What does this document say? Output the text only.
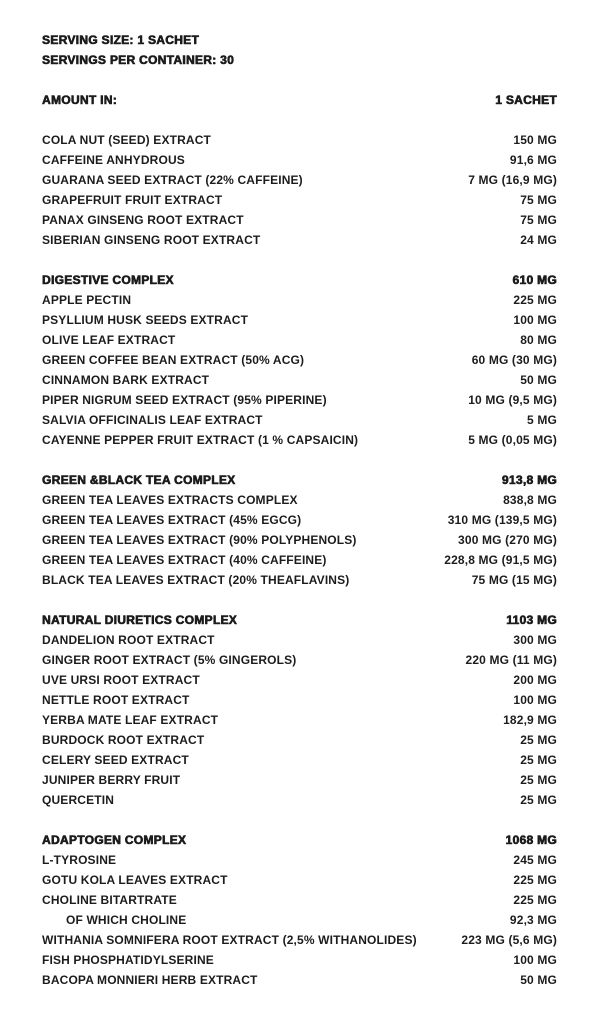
SERVING SIZE: 1 SACHET
SERVINGS PER CONTAINER: 30
AMOUNT IN:	1 SACHET
COLA NUT (SEED) EXTRACT	150 MG
CAFFEINE ANHYDROUS	91,6 MG
GUARANA SEED EXTRACT (22% CAFFEINE)	7 MG (16,9 MG)
GRAPEFRUIT FRUIT EXTRACT	75 MG
PANAX GINSENG ROOT EXTRACT	75 MG
SIBERIAN GINSENG ROOT EXTRACT	24 MG
DIGESTIVE COMPLEX	610 MG
APPLE PECTIN	225 MG
PSYLLIUM HUSK SEEDS EXTRACT	100 MG
OLIVE LEAF EXTRACT	80 MG
GREEN COFFEE BEAN EXTRACT (50% ACG)	60 MG (30 MG)
CINNAMON BARK EXTRACT	50 MG
PIPER NIGRUM SEED EXTRACT (95% PIPERINE)	10 MG (9,5 MG)
SALVIA OFFICINALIS LEAF EXTRACT	5 MG
CAYENNE PEPPER FRUIT EXTRACT (1 % CAPSAICIN)	5 MG (0,05 MG)
GREEN &BLACK TEA COMPLEX	913,8 MG
GREEN TEA LEAVES EXTRACTS COMPLEX	838,8 MG
GREEN TEA LEAVES EXTRACT (45% EGCG)	310 MG (139,5 MG)
GREEN TEA LEAVES EXTRACT (90% POLYPHENOLS)	300 MG (270 MG)
GREEN TEA LEAVES EXTRACT (40% CAFFEINE)	228,8 MG (91,5 MG)
BLACK TEA LEAVES EXTRACT (20% THEAFLAVINS)	75 MG (15 MG)
NATURAL DIURETICS COMPLEX	1103 MG
DANDELION ROOT EXTRACT	300 MG
GINGER ROOT EXTRACT (5% GINGEROLS)	220 MG (11 MG)
UVE URSI ROOT EXTRACT	200 MG
NETTLE ROOT EXTRACT	100 MG
YERBA MATE LEAF EXTRACT	182,9 MG
BURDOCK ROOT EXTRACT	25 MG
CELERY SEED EXTRACT	25 MG
JUNIPER BERRY FRUIT	25 MG
QUERCETIN	25 MG
ADAPTOGEN COMPLEX	1068 MG
L-TYROSINE	245 MG
GOTU KOLA LEAVES EXTRACT	225 MG
CHOLINE BITARTRATE	225 MG
OF WHICH CHOLINE	92,3 MG
WITHANIA SOMNIFERA ROOT EXTRACT (2,5% WITHANOLIDES)	223 MG (5,6 MG)
FISH PHOSPHATIDYLSERINE	100 MG
BACOPA MONNIERI HERB EXTRACT	50 MG
